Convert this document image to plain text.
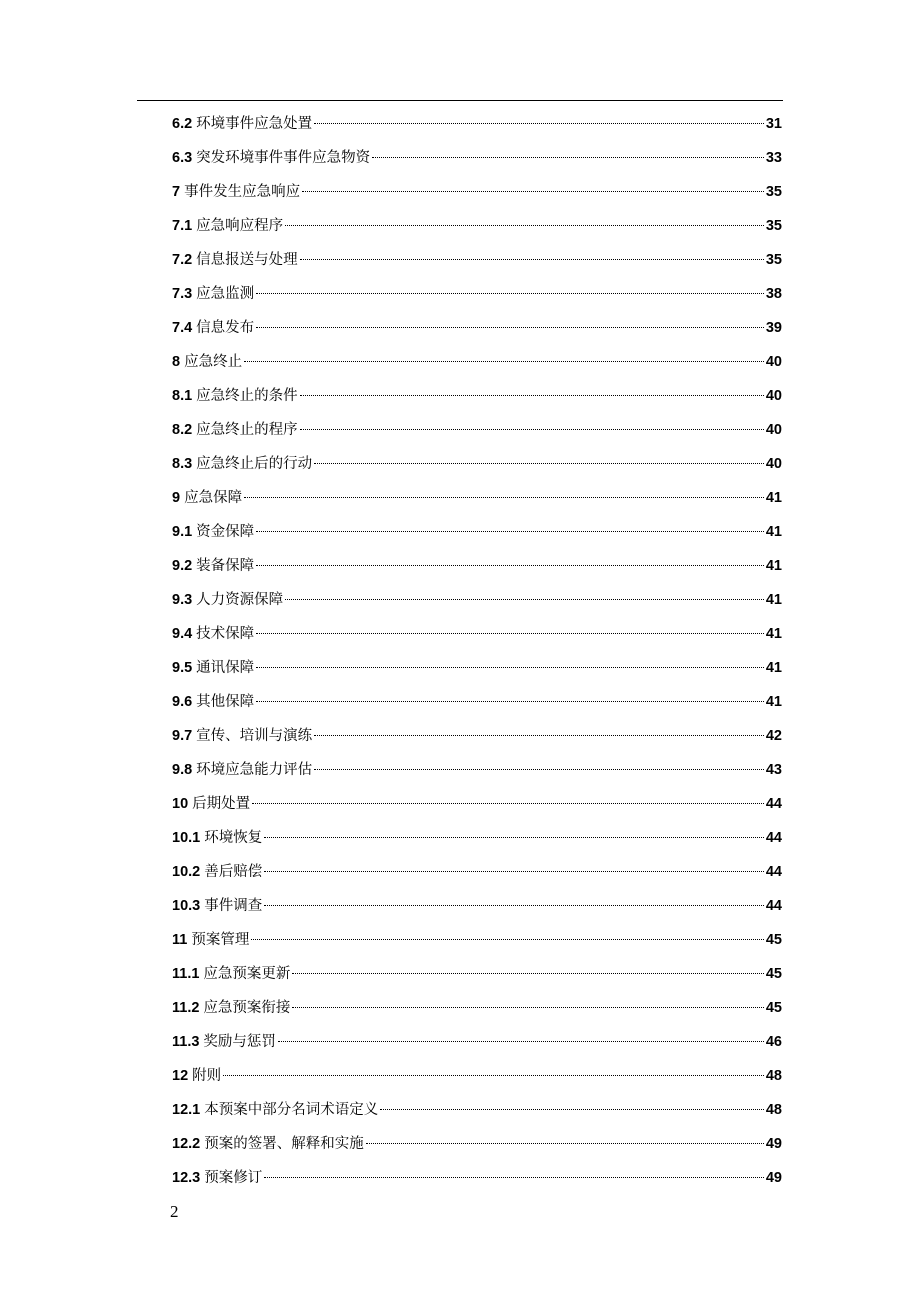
6.2 环境事件应急处置	31
6.3 突发环境事件事件应急物资	33
7 事件发生应急响应	35
7.1 应急响应程序	35
7.2 信息报送与处理	35
7.3 应急监测	38
7.4 信息发布	39
8 应急终止	40
8.1 应急终止的条件	40
8.2 应急终止的程序	40
8.3 应急终止后的行动	40
9 应急保障	41
9.1 资金保障	41
9.2 装备保障	41
9.3 人力资源保障	41
9.4 技术保障	41
9.5 通讯保障	41
9.6 其他保障	41
9.7 宣传、培训与演练	42
9.8 环境应急能力评估	43
10 后期处置	44
10.1 环境恢复	44
10.2 善后赔偿	44
10.3 事件调查	44
11 预案管理	45
11.1 应急预案更新	45
11.2 应急预案衔接	45
11.3 奖励与惩罚	46
12 附则	48
12.1 本预案中部分名词术语定义	48
12.2 预案的签署、解释和实施	49
12.3 预案修订	49
2
